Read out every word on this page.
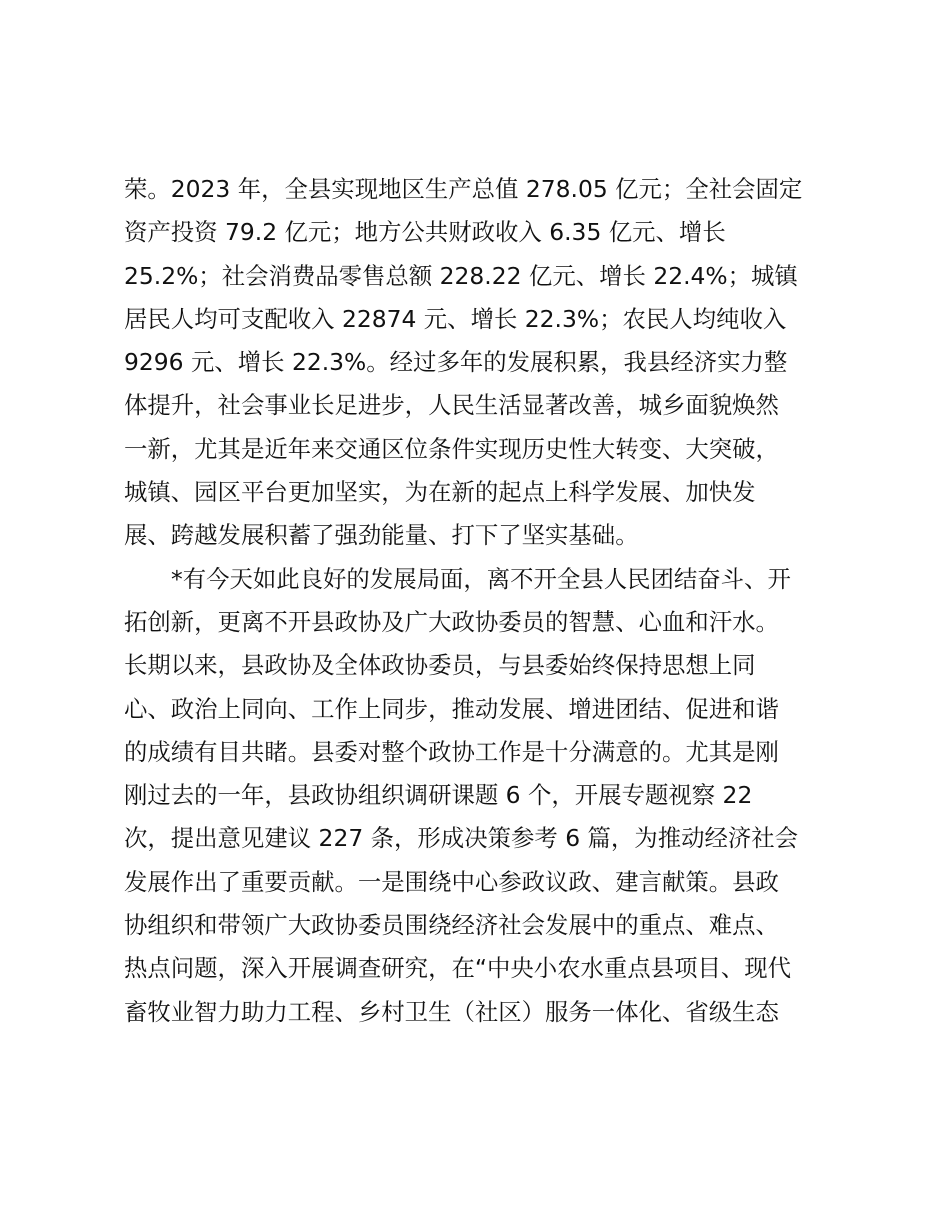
荣。2023 年，全县实现地区生产总值 278.05 亿元；全社会固定
资产投资 79.2 亿元；地方公共财政收入 6.35 亿元、增长
25.2%；社会消费品零售总额 228.22 亿元、增长 22.4%；城镇
居民人均可支配收入 22874 元、增长 22.3%；农民人均纯收入
9296 元、增长 22.3%。经过多年的发展积累，我县经济实力整
体提升，社会事业长足进步，人民生活显著改善，城乡面貌焕然
一新，尤其是近年来交通区位条件实现历史性大转变、大突破，
城镇、园区平台更加坚实，为在新的起点上科学发展、加快发
展、跨越发展积蓄了强劲能量、打下了坚实基础。
*有今天如此良好的发展局面，离不开全县人民团结奋斗、开
拓创新，更离不开县政协及广大政协委员的智慧、心血和汗水。
长期以来，县政协及全体政协委员，与县委始终保持思想上同
心、政治上同向、工作上同步，推动发展、增进团结、促进和谐
的成绩有目共睹。县委对整个政协工作是十分满意的。尤其是刚
刚过去的一年，县政协组织调研课题 6 个，开展专题视察 22
次，提出意见建议 227 条，形成决策参考 6 篇，为推动经济社会
发展作出了重要贡献。一是围绕中心参政议政、建言献策。县政
协组织和带领广大政协委员围绕经济社会发展中的重点、难点、
热点问题，深入开展调查研究，在“中央小农水重点县项目、现代
畜牧业智力助力工程、乡村卫生（社区）服务一体化、省级生态
